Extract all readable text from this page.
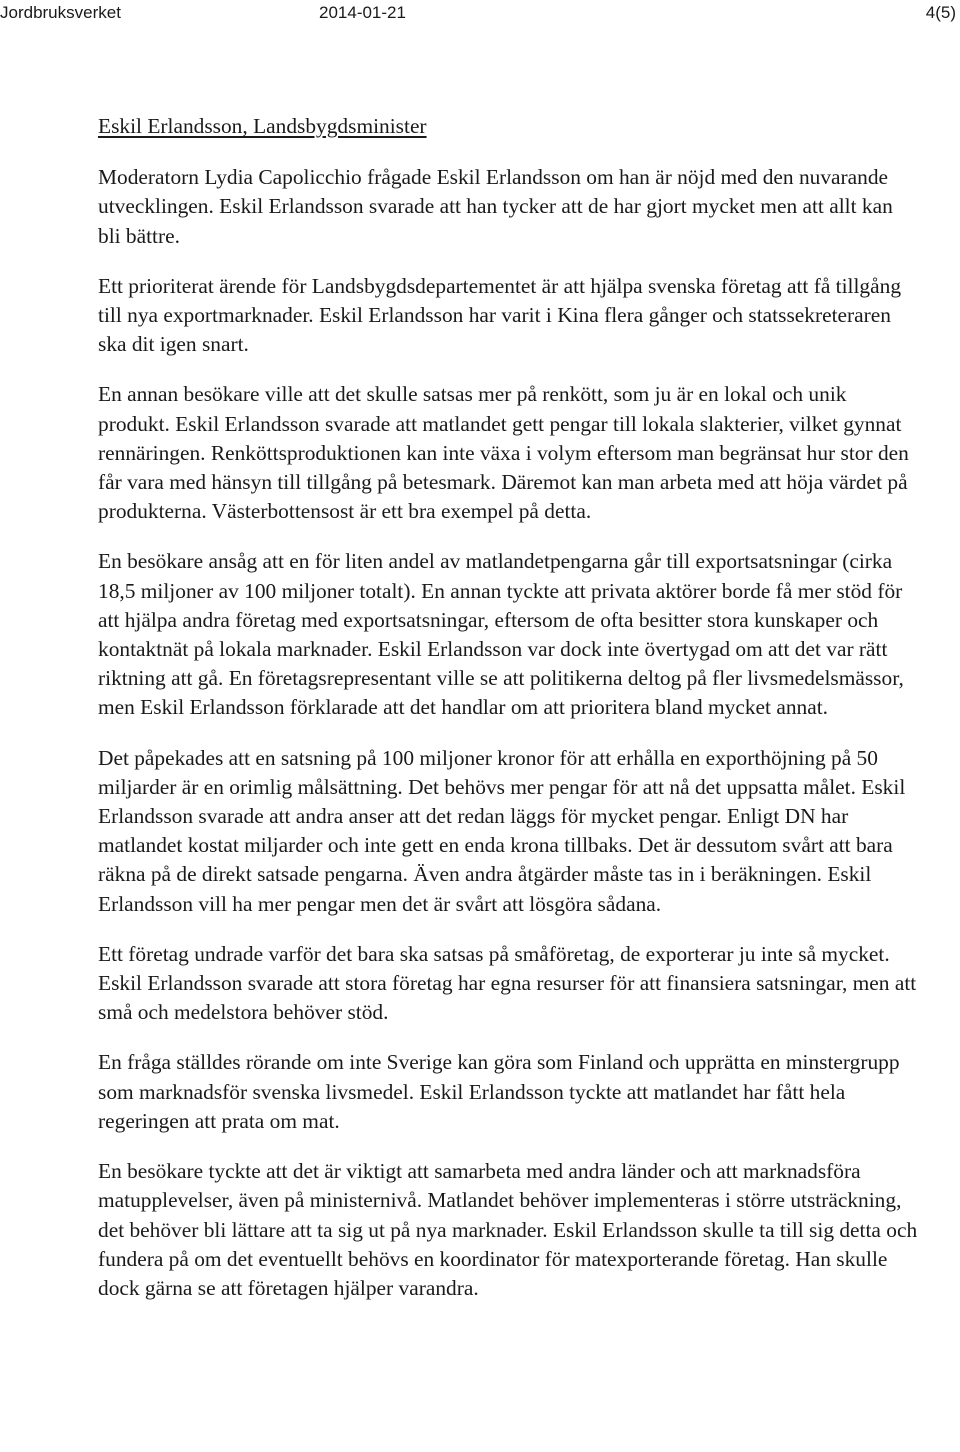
Jordbruksverket	2014-01-21	4(5)
Eskil Erlandsson, Landsbygdsminister

Moderatorn Lydia Capolicchio frågade Eskil Erlandsson om han är nöjd med den nuvarande utvecklingen. Eskil Erlandsson svarade att han tycker att de har gjort mycket men att allt kan bli bättre.

Ett prioriterat ärende för Landsbygdsdepartementet är att hjälpa svenska företag att få tillgång till nya exportmarknader. Eskil Erlandsson har varit i Kina flera gånger och statssekreteraren ska dit igen snart.

En annan besökare ville att det skulle satsas mer på renkött, som ju är en lokal och unik produkt. Eskil Erlandsson svarade att matlandet gett pengar till lokala slakterier, vilket gynnat rennäringen. Renköttsproduktionen kan inte växa i volym eftersom man begränsat hur stor den får vara med hänsyn till tillgång på betesmark. Däremot kan man arbeta med att höja värdet på produkterna. Västerbottensost är ett bra exempel på detta.

En besökare ansåg att en för liten andel av matlandetpengarna går till exportsatsningar (cirka 18,5 miljoner av 100 miljoner totalt). En annan tyckte att privata aktörer borde få mer stöd för att hjälpa andra företag med exportsatsningar, eftersom de ofta besitter stora kunskaper och kontaktnät på lokala marknader. Eskil Erlandsson var dock inte övertygad om att det var rätt riktning att gå. En företagsrepresentant ville se att politikerna deltog på fler livsmedelsmässor, men Eskil Erlandsson förklarade att det handlar om att prioritera bland mycket annat.

Det påpekades att en satsning på 100 miljoner kronor för att erhålla en exporthöjning på 50 miljarder är en orimlig målsättning. Det behövs mer pengar för att nå det uppsatta målet. Eskil Erlandsson svarade att andra anser att det redan läggs för mycket pengar. Enligt DN har matlandet kostat miljarder och inte gett en enda krona tillbaks. Det är dessutom svårt att bara räkna på de direkt satsade pengarna. Även andra åtgärder måste tas in i beräkningen. Eskil Erlandsson vill ha mer pengar men det är svårt att lösgöra sådana.

Ett företag undrade varför det bara ska satsas på småföretag, de exporterar ju inte så mycket. Eskil Erlandsson svarade att stora företag har egna resurser för att finansiera satsningar, men att små och medelstora behöver stöd.

En fråga ställdes rörande om inte Sverige kan göra som Finland och upprätta en minstergrupp som marknadsför svenska livsmedel. Eskil Erlandsson tyckte att matlandet har fått hela regeringen att prata om mat.

En besökare tyckte att det är viktigt att samarbeta med andra länder och att marknadsföra matupplevelser, även på ministernivå. Matlandet behöver implementeras i större utsträckning, det behöver bli lättare att ta sig ut på nya marknader. Eskil Erlandsson skulle ta till sig detta och fundera på om det eventuellt behövs en koordinator för matexporterande företag. Han skulle dock gärna se att företagen hjälper varandra.
